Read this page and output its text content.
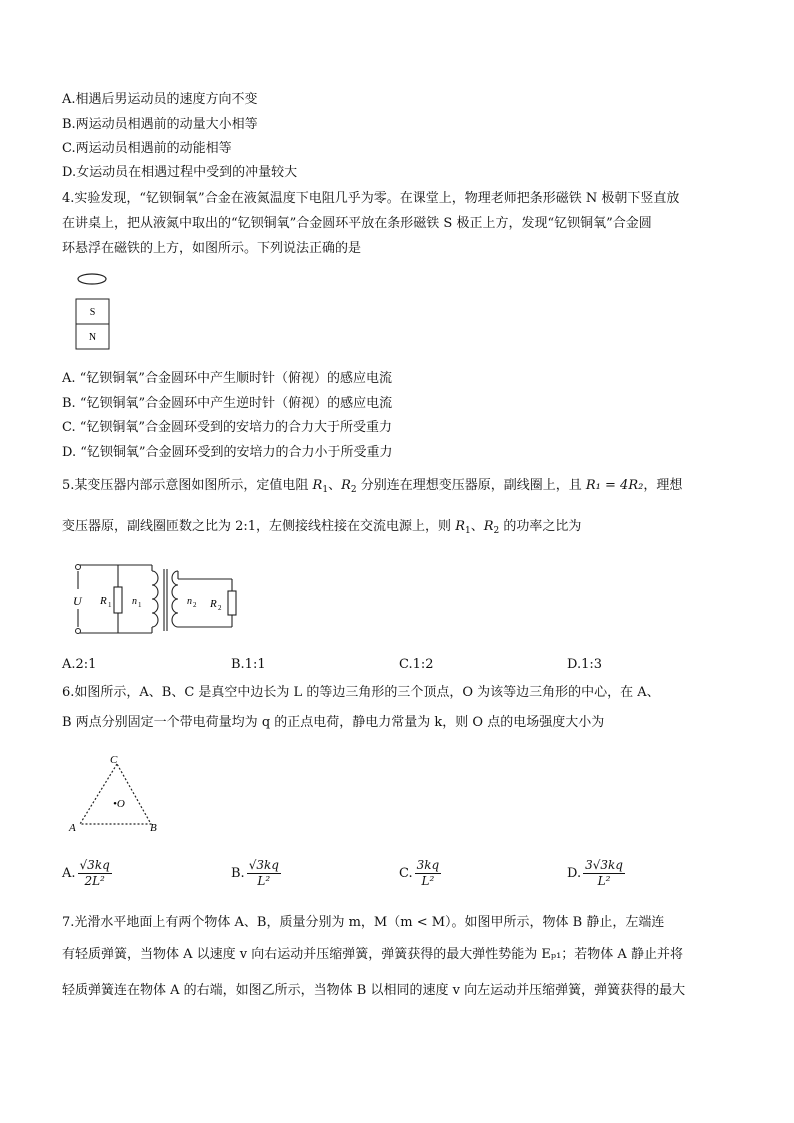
A.相遇后男运动员的速度方向不变
B.两运动员相遇前的动量大小相等
C.两运动员相遇前的动能相等
D.女运动员在相遇过程中受到的冲量较大
4.实验发现，“钇钡铜氧”合金在液氮温度下电阻几乎为零。在课堂上，物理老师把条形磁铁 N 极朝下竖直放
在讲桌上，把从液氮中取出的“钇钡铜氧”合金圆环平放在条形磁铁 S 极正上方，发现“钇钡铜氧”合金圆
环悬浮在磁铁的上方，如图所示。下列说法正确的是
S
N
A. “钇钡铜氧”合金圆环中产生顺时针（俯视）的感应电流
B. “钇钡铜氧”合金圆环中产生逆时针（俯视）的感应电流
C. “钇钡铜氧”合金圆环受到的安培力的合力大于所受重力
D. “钇钡铜氧”合金圆环受到的安培力的合力小于所受重力
5.某变压器内部示意图如图所示，定值电阻 $R_1$、$R_2$ 分别连在理想变压器原，副线圈上，且 R₁ = 4R₂，理想
变压器原，副线圈匝数之比为 2:1，左侧接线柱接在交流电源上，则 $R_1$、$R_2$ 的功率之比为
U R 1 n 1	n 2 R 2
A.2:1	B.1:1	C.1:2	D.1:3
6.如图所示，A、B、C 是真空中边长为 L 的等边三角形的三个顶点，O 为该等边三角形的中心，在 A、
B 两点分别固定一个带电荷量均为 q 的正点电荷，静电力常量为 k，则 O 点的电场强度大小为
C
A	B
•O
A. $\frac{√3kq}{\text{2L²}}$	B. $\frac{√3kq}{\text{L²}}$	C. $\frac{3kq}{\text{L²}}$	D. $\frac{3√3kq}{\text{L²}}$
7.光滑水平地面上有两个物体 A、B，质量分别为 m，M（m < M）。如图甲所示，物体 B 静止，左端连
有轻质弹簧，当物体 A 以速度 v 向右运动并压缩弹簧，弹簧获得的最大弹性势能为 Eₚ₁；若物体 A 静止并将
轻质弹簧连在物体 A 的右端，如图乙所示，当物体 B 以相同的速度 v 向左运动并压缩弹簧，弹簧获得的最大
